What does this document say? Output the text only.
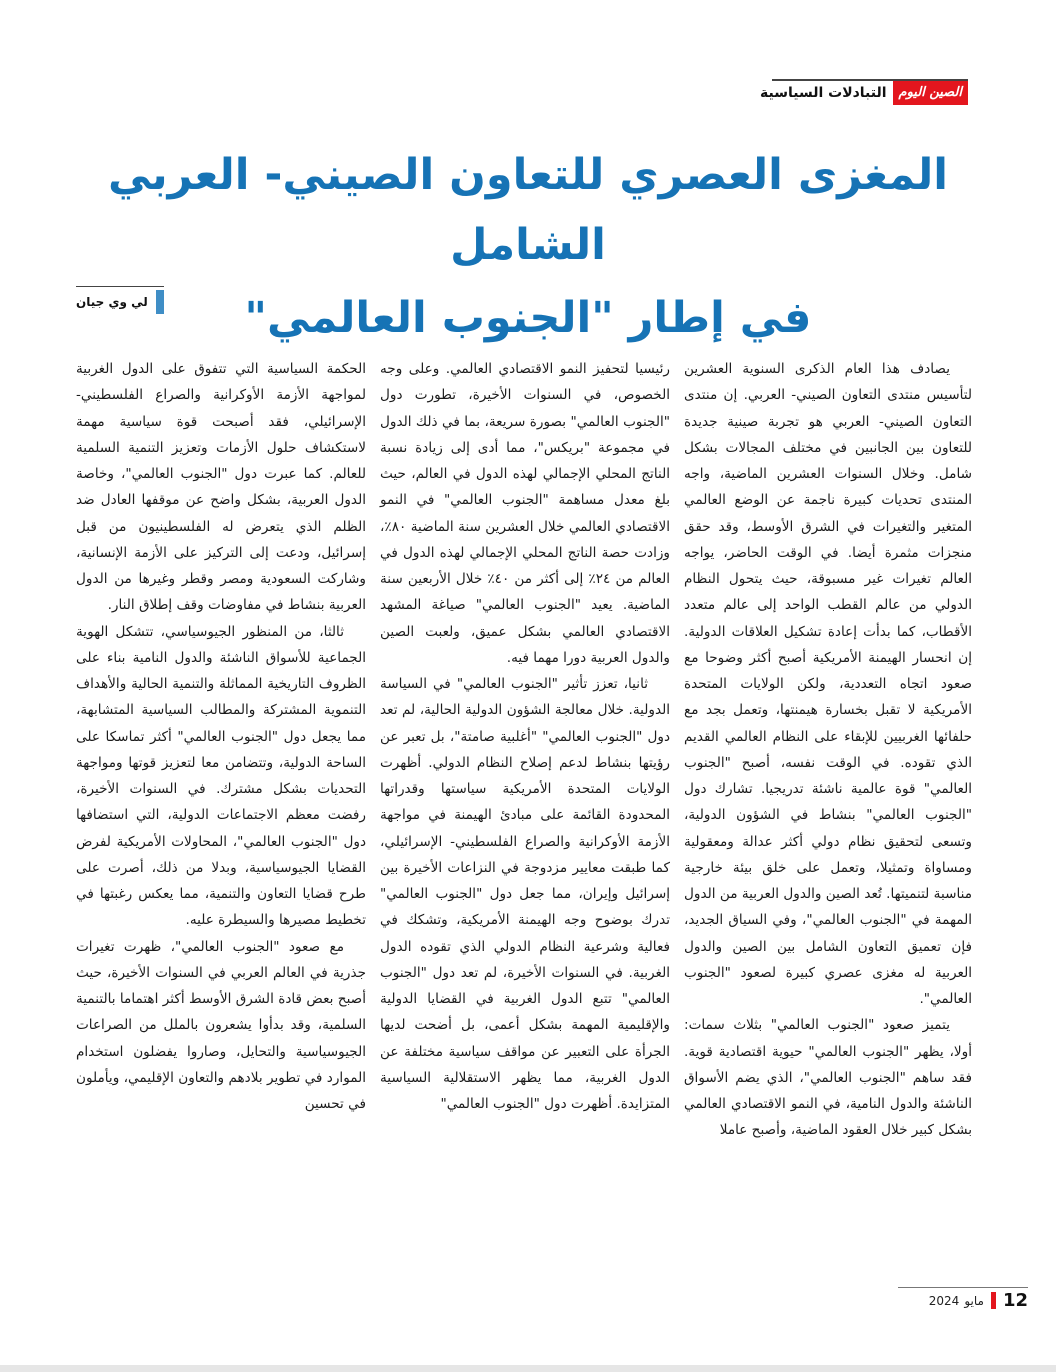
الصين اليوم
التبادلات السياسية
المغزى العصري للتعاون الصيني- العربي الشامل
في إطار "الجنوب العالمي"
لي وي جيان

يصادف هذا العام الذكرى السنوية العشرين لتأسيس منتدى التعاون الصيني- العربي. إن منتدى التعاون الصيني- العربي هو تجربة صينية جديدة للتعاون بين الجانبين في مختلف المجالات بشكل شامل. وخلال السنوات العشرين الماضية، واجه المنتدى تحديات كبيرة ناجمة عن الوضع العالمي المتغير والتغيرات في الشرق الأوسط، وقد حقق منجزات مثمرة أيضا. في الوقت الحاضر، يواجه العالم تغيرات غير مسبوقة، حيث يتحول النظام الدولي من عالم القطب الواحد إلى عالم متعدد الأقطاب، كما بدأت إعادة تشكيل العلاقات الدولية. إن انحسار الهيمنة الأمريكية أصبح أكثر وضوحا مع صعود اتجاه التعددية، ولكن الولايات المتحدة الأمريكية لا تقبل بخسارة هيمنتها، وتعمل بجد مع حلفائها الغربيين للإبقاء على النظام العالمي القديم الذي تقوده. في الوقت نفسه، أصبح "الجنوب العالمي" قوة عالمية ناشئة تدريجيا. تشارك دول "الجنوب العالمي" بنشاط في الشؤون الدولية، وتسعى لتحقيق نظام دولي أكثر عدالة ومعقولية ومساواة وتمثيلا، وتعمل على خلق بيئة خارجية مناسبة لتنميتها. تُعد الصين والدول العربية من الدول المهمة في "الجنوب العالمي"، وفي السياق الجديد، فإن تعميق التعاون الشامل بين الصين والدول العربية له مغزى عصري كبيرة لصعود "الجنوب العالمي".

يتميز صعود "الجنوب العالمي" بثلاث سمات: أولا، يظهر "الجنوب العالمي" حيوية اقتصادية قوية. فقد ساهم "الجنوب العالمي"، الذي يضم الأسواق الناشئة والدول النامية، في النمو الاقتصادي العالمي بشكل كبير خلال العقود الماضية، وأصبح عاملا

رئيسيا لتحفيز النمو الاقتصادي العالمي. وعلى وجه الخصوص، في السنوات الأخيرة، تطورت دول "الجنوب العالمي" بصورة سريعة، بما في ذلك الدول في مجموعة "بريكس"، مما أدى إلى زيادة نسبة الناتج المحلي الإجمالي لهذه الدول في العالم، حيث بلغ معدل مساهمة "الجنوب العالمي" في النمو الاقتصادي العالمي خلال العشرين سنة الماضية ٨٠٪، وزادت حصة الناتج المحلي الإجمالي لهذه الدول في العالم من ٢٤٪ إلى أكثر من ٤٠٪ خلال الأربعين سنة الماضية. يعيد "الجنوب العالمي" صياغة المشهد الاقتصادي العالمي بشكل عميق، ولعبت الصين والدول العربية دورا مهما فيه.

ثانيا، تعزز تأثير "الجنوب العالمي" في السياسة الدولية. خلال معالجة الشؤون الدولية الحالية، لم تعد دول "الجنوب العالمي" "أغلبية صامتة"، بل تعبر عن رؤيتها بنشاط لدعم إصلاح النظام الدولي. أظهرت الولايات المتحدة الأمريكية سياستها وقدراتها المحدودة القائمة على مبادئ الهيمنة في مواجهة الأزمة الأوكرانية والصراع الفلسطيني- الإسرائيلي، كما طبقت معايير مزدوجة في النزاعات الأخيرة بين إسرائيل وإيران، مما جعل دول "الجنوب العالمي" تدرك بوضوح وجه الهيمنة الأمريكية، وتشكك في فعالية وشرعية النظام الدولي الذي تقوده الدول الغربية. في السنوات الأخيرة، لم تعد دول "الجنوب العالمي" تتبع الدول الغربية في القضايا الدولية والإقليمية المهمة بشكل أعمى، بل أضحت لديها الجرأة على التعبير عن مواقف سياسية مختلفة عن الدول الغربية، مما يظهر الاستقلالية السياسية المتزايدة. أظهرت دول "الجنوب العالمي"

الحكمة السياسية التي تتفوق على الدول الغربية لمواجهة الأزمة الأوكرانية والصراع الفلسطيني- الإسرائيلي، فقد أصبحت قوة سياسية مهمة لاستكشاف حلول الأزمات وتعزيز التنمية السلمية للعالم. كما عبرت دول "الجنوب العالمي"، وخاصة الدول العربية، بشكل واضح عن موقفها العادل ضد الظلم الذي يتعرض له الفلسطينيون من قبل إسرائيل، ودعت إلى التركيز على الأزمة الإنسانية، وشاركت السعودية ومصر وقطر وغيرها من الدول العربية بنشاط في مفاوضات وقف إطلاق النار.

ثالثا، من المنظور الجيوسياسي، تتشكل الهوية الجماعية للأسواق الناشئة والدول النامية بناء على الظروف التاريخية المماثلة والتنمية الحالية والأهداف التنموية المشتركة والمطالب السياسية المتشابهة، مما يجعل دول "الجنوب العالمي" أكثر تماسكا على الساحة الدولية، وتتضامن معا لتعزيز قوتها ومواجهة التحديات بشكل مشترك. في السنوات الأخيرة، رفضت معظم الاجتماعات الدولية، التي استضافها دول "الجنوب العالمي"، المحاولات الأمريكية لفرض القضايا الجيوسياسية، وبدلا من ذلك، أصرت على طرح قضايا التعاون والتنمية، مما يعكس رغبتها في تخطيط مصيرها والسيطرة عليه.

مع صعود "الجنوب العالمي"، ظهرت تغيرات جذرية في العالم العربي في السنوات الأخيرة، حيث أصبح بعض قادة الشرق الأوسط أكثر اهتماما بالتنمية السلمية، وقد بدأوا يشعرون بالملل من الصراعات الجيوسياسية والتحايل، وصاروا يفضلون استخدام الموارد في تطوير بلادهم والتعاون الإقليمي، ويأملون في تحسين

12
مايو
2024
